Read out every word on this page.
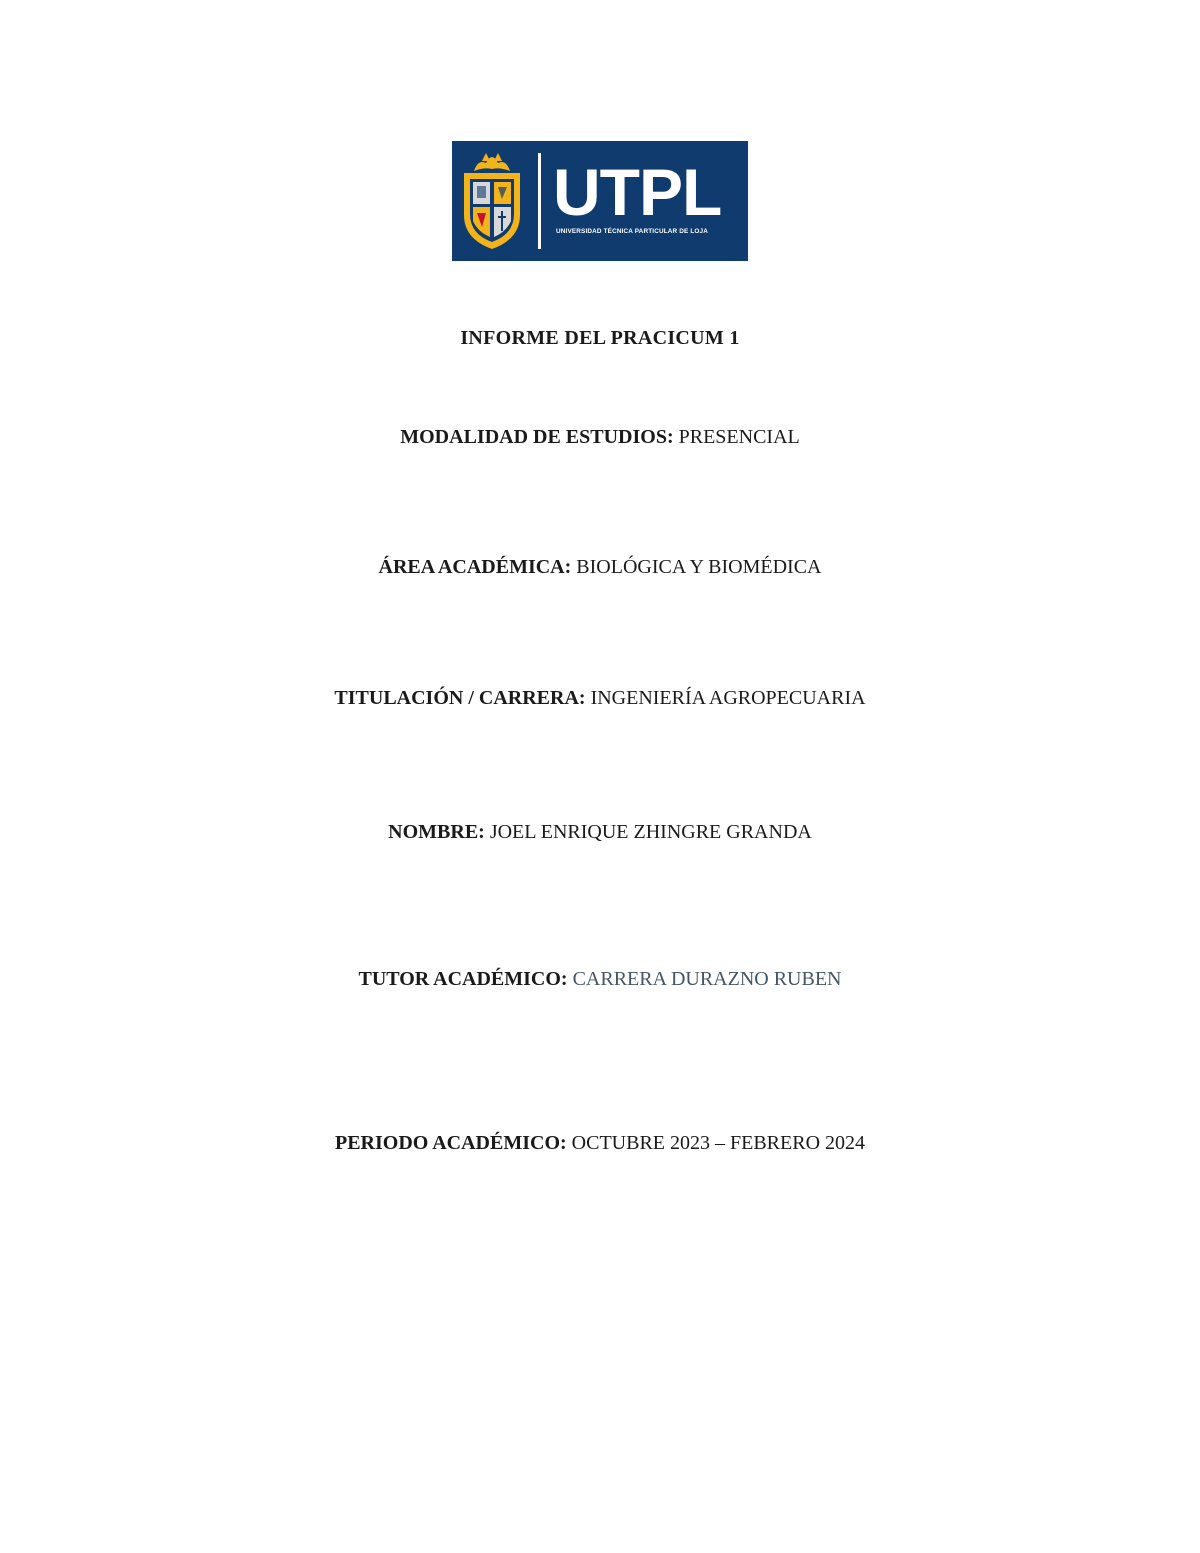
UTPL
UNIVERSIDAD TÉCNICA PARTICULAR DE LOJA
INFORME DEL PRACICUM 1
MODALIDAD DE ESTUDIOS: PRESENCIAL
ÁREA ACADÉMICA: BIOLÓGICA Y BIOMÉDICA
TITULACIÓN / CARRERA: INGENIERÍA AGROPECUARIA
NOMBRE: JOEL ENRIQUE ZHINGRE GRANDA
TUTOR ACADÉMICO: CARRERA DURAZNO RUBEN
PERIODO ACADÉMICO: OCTUBRE 2023 – FEBRERO 2024
